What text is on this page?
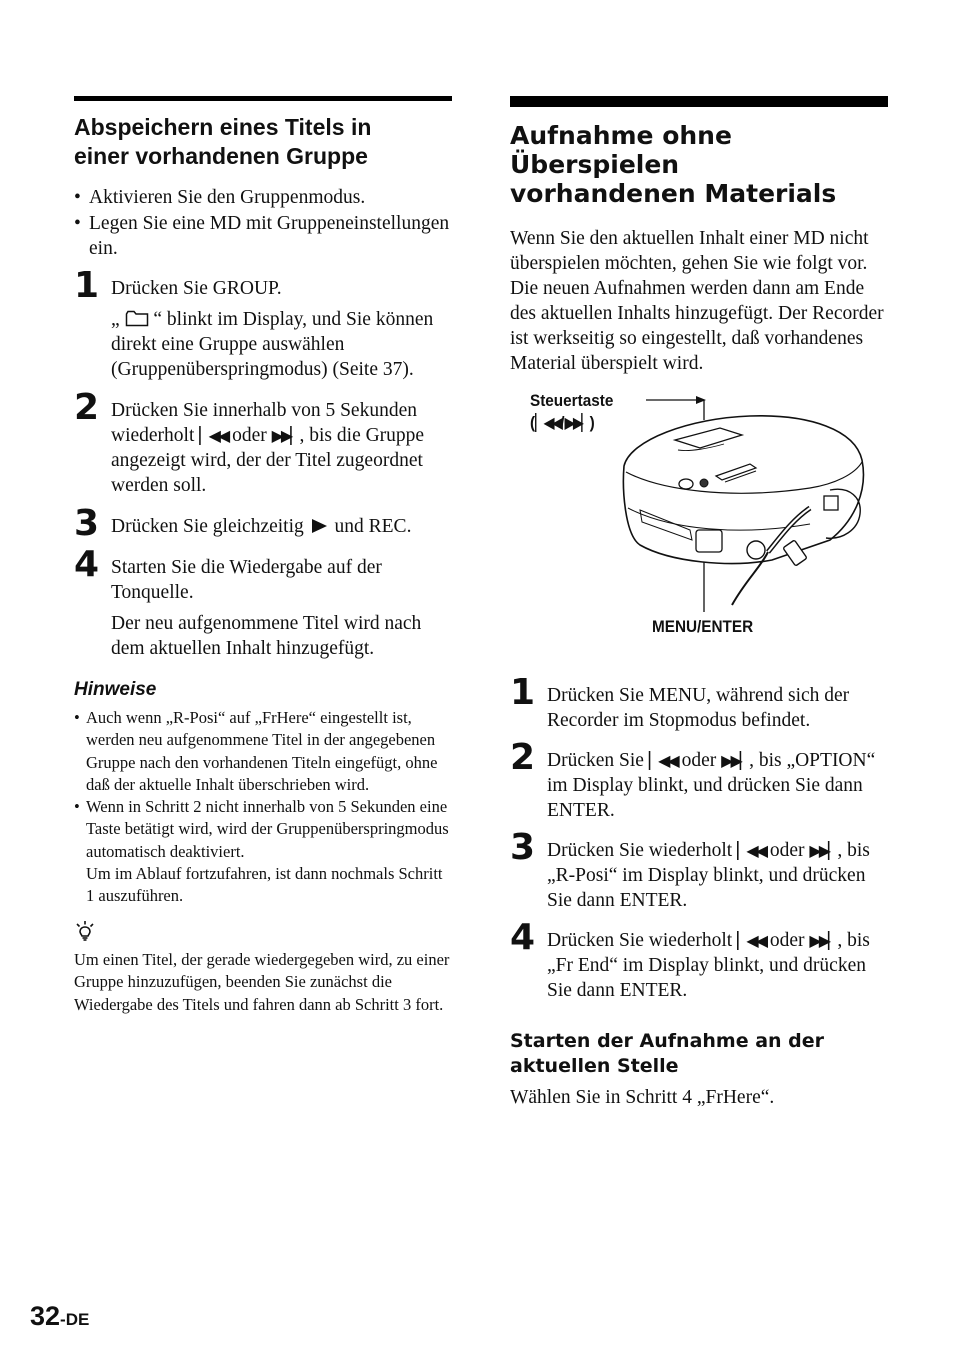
Abspeichern eines Titels in
einer vorhandenen Gruppe
• Aktivieren Sie den Gruppenmodus.
• Legen Sie eine MD mit Gruppeneinstellungen ein.
1 Drücken Sie GROUP.

„ “ blinkt im Display, und Sie können direkt eine Gruppe auswählen (Gruppenüberspringmodus) (Seite 37).

2 Drücken Sie innerhalb von 5 Sekunden wiederholt ▏◀◀ oder ▶▶▏, bis die Gruppe angezeigt wird, der der Titel zugeordnet werden soll.

3 Drücken Sie gleichzeitig und REC.

4 Starten Sie die Wiedergabe auf der Tonquelle.

Der neu aufgenommene Titel wird nach dem aktuellen Inhalt hinzugefügt.

Hinweise
• Auch wenn „R-Posi“ auf „FrHere“ eingestellt ist, werden neu aufgenommene Titel in der angegebenen Gruppe nach den vorhandenen Titeln eingefügt, ohne daß der aktuelle Inhalt überschrieben wird.
• Wenn in Schritt 2 nicht innerhalb von 5 Sekunden eine Taste betätigt wird, wird der Gruppenüberspringmodus automatisch deaktiviert.
Um im Ablauf fortzufahren, ist dann nochmals Schritt 1 auszuführen.
Um einen Titel, der gerade wiedergegeben wird, zu einer Gruppe hinzuzufügen, beenden Sie zunächst die Wiedergabe des Titels und fahren dann ab Schritt 3 fort.
Aufnahme ohne
Überspielen
vorhandenen Materials

Wenn Sie den aktuellen Inhalt einer MD nicht überspielen möchten, gehen Sie wie folgt vor. Die neuen Aufnahmen werden dann am Ende des aktuellen Inhalts hinzugefügt. Der Recorder ist werkseitig so eingestellt, daß vorhandenes Material überspielt wird.

Steuertaste
(▏◀◀/▶▶▏)
MENU/ENTER
1 Drücken Sie MENU, während sich der Recorder im Stopmodus befindet.

2 Drücken Sie ▏◀◀ oder ▶▶▏, bis „OPTION“ im Display blinkt, und drücken Sie dann ENTER.

3 Drücken Sie wiederholt ▏◀◀ oder ▶▶▏, bis „R-Posi“ im Display blinkt, und drücken Sie dann ENTER.

4 Drücken Sie wiederholt ▏◀◀ oder ▶▶▏, bis „Fr End“ im Display blinkt, und drücken Sie dann ENTER.

Starten der Aufnahme an der aktuellen Stelle

Wählen Sie in Schritt 4 „FrHere“.

32-DE
